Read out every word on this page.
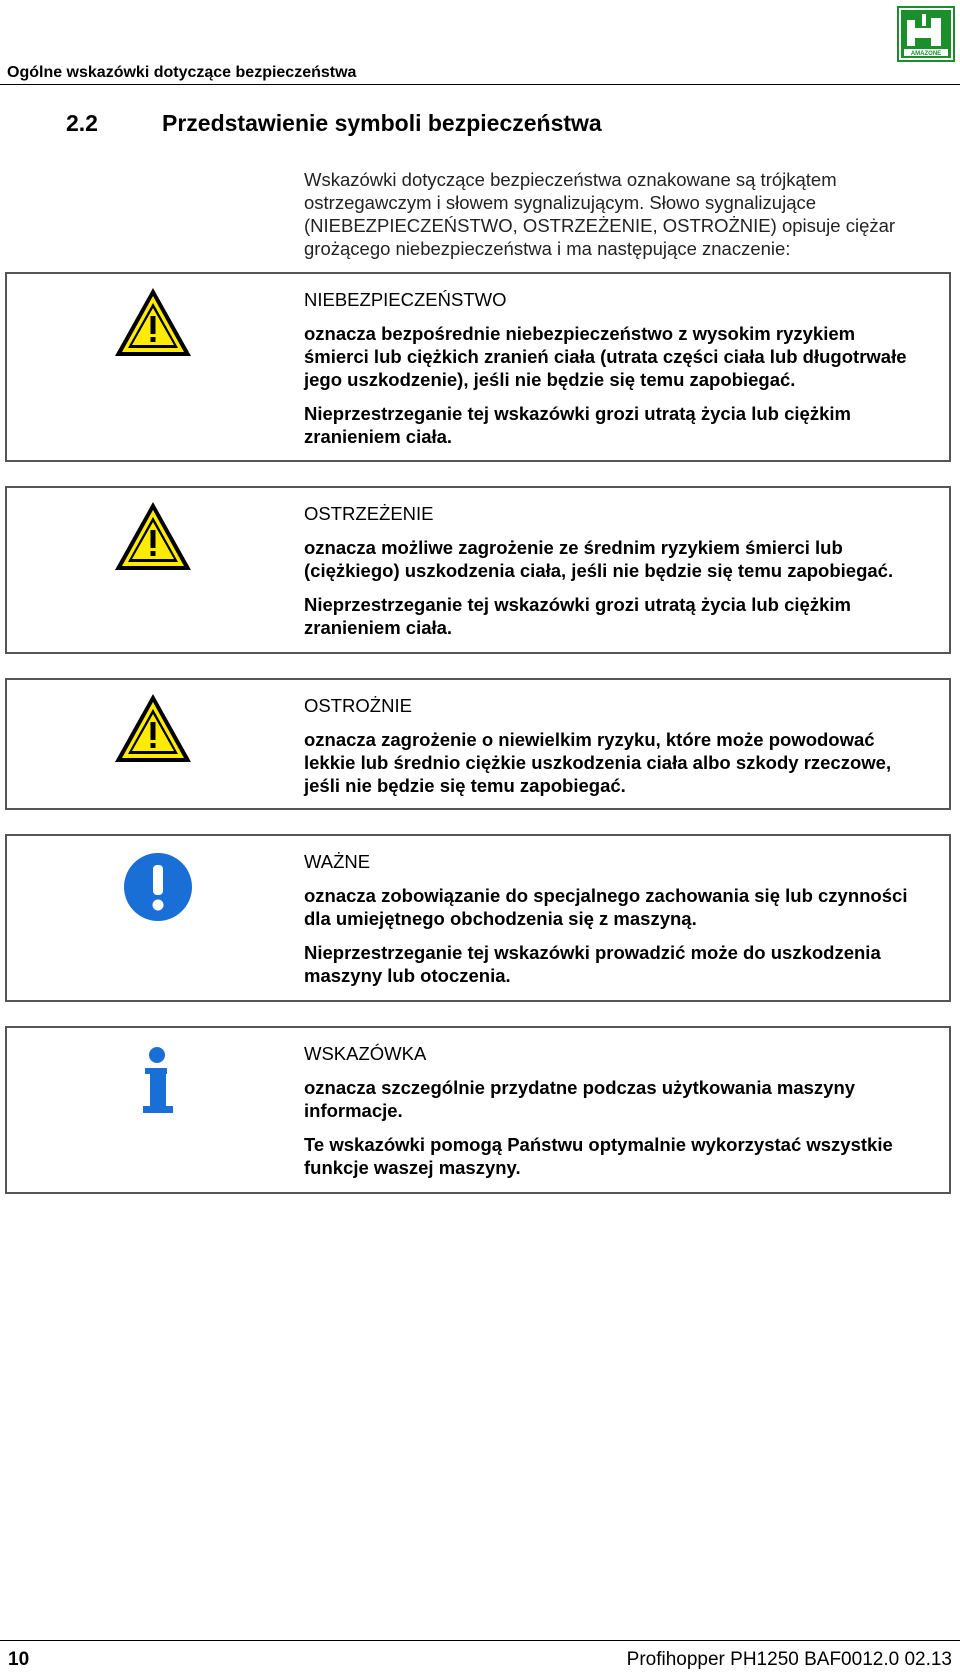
Ogólne wskazówki dotyczące bezpieczeństwa
AMAZONE
2.2	Przedstawienie symboli bezpieczeństwa
Wskazówki dotyczące bezpieczeństwa oznakowane są trójkątem
ostrzegawczym i słowem sygnalizującym. Słowo sygnalizujące
(NIEBEZPIECZEŃSTWO, OSTRZEŻENIE, OSTROŻNIE) opisuje ciężar
grożącego niebezpieczeństwa i ma następujące znaczenie:

NIEBEZPIECZEŃSTWO

oznacza bezpośrednie niebezpieczeństwo z wysokim ryzykiem
śmierci lub ciężkich zranień ciała (utrata części ciała lub długotrwałe
jego uszkodzenie), jeśli nie będzie się temu zapobiegać.

Nieprzestrzeganie tej wskazówki grozi utratą życia lub ciężkim
zranieniem ciała.

OSTRZEŻENIE

oznacza możliwe zagrożenie ze średnim ryzykiem śmierci lub
(ciężkiego) uszkodzenia ciała, jeśli nie będzie się temu zapobiegać.

Nieprzestrzeganie tej wskazówki grozi utratą życia lub ciężkim
zranieniem ciała.

OSTROŻNIE

oznacza zagrożenie o niewielkim ryzyku, które może powodować
lekkie lub średnio ciężkie uszkodzenia ciała albo szkody rzeczowe,
jeśli nie będzie się temu zapobiegać.

WAŻNE

oznacza zobowiązanie do specjalnego zachowania się lub czynności
dla umiejętnego obchodzenia się z maszyną.

Nieprzestrzeganie tej wskazówki prowadzić może do uszkodzenia
maszyny lub otoczenia.

WSKAZÓWKA

oznacza szczególnie przydatne podczas użytkowania maszyny
informacje.

Te wskazówki pomogą Państwu optymalnie wykorzystać wszystkie
funkcje waszej maszyny.

10	Profihopper PH1250 BAF0012.0 02.13
